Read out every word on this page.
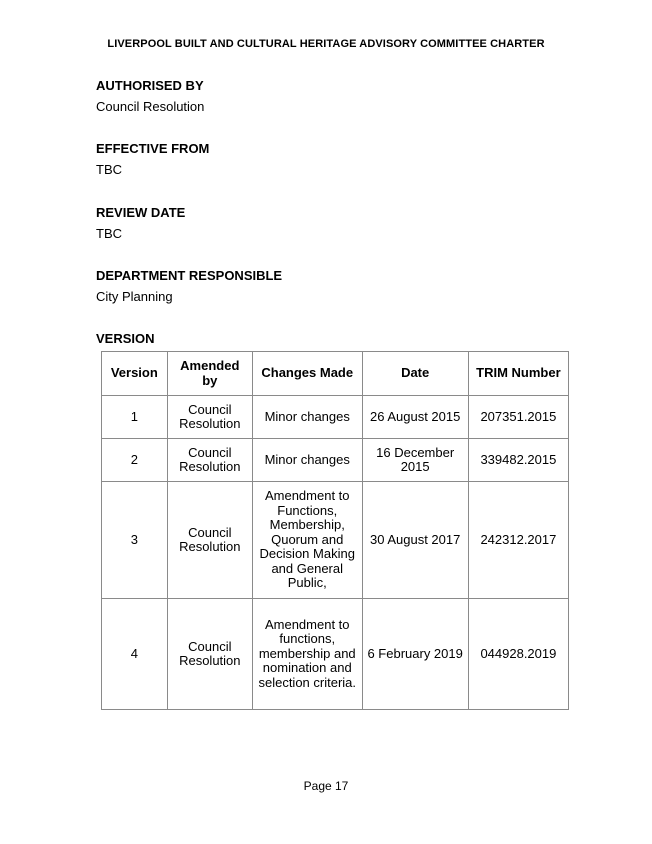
LIVERPOOL BUILT AND CULTURAL HERITAGE ADVISORY COMMITTEE CHARTER
AUTHORISED BY
Council Resolution
EFFECTIVE FROM
TBC
REVIEW DATE
TBC
DEPARTMENT RESPONSIBLE
City Planning
VERSION
Version	Amended by	Changes Made	Date	TRIM Number
1	Council Resolution	Minor changes	26 August 2015	207351.2015
2	Council Resolution	Minor changes	16 December 2015	339482.2015
3	Council Resolution	Amendment to Functions, Membership, Quorum and Decision Making and General Public,	30 August 2017	242312.2017
4	Council Resolution	Amendment to functions, membership and nomination and selection criteria.	6 February 2019	044928.2019
Page 17
